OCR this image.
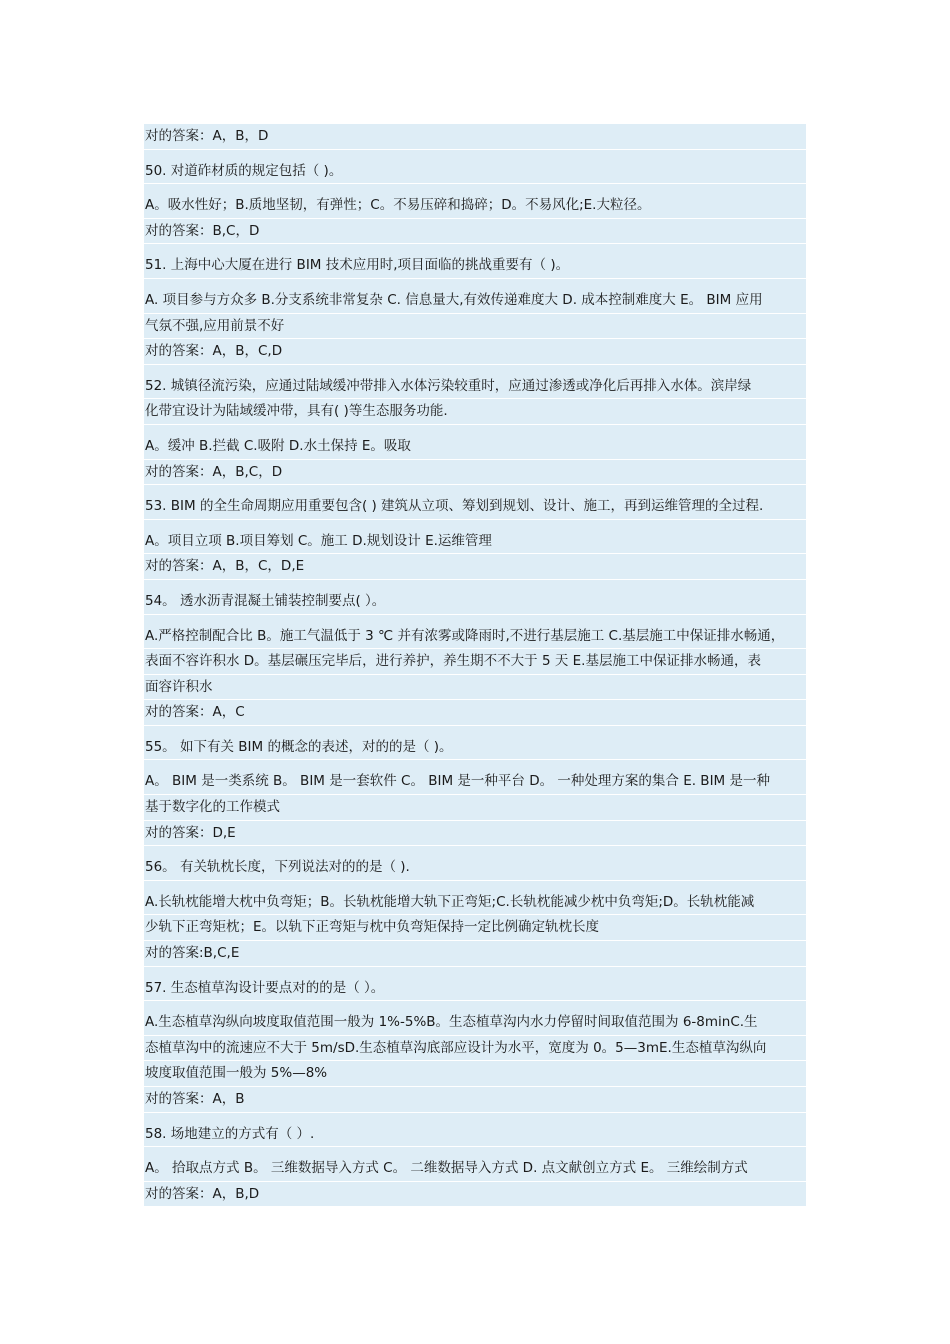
对的答案：A，B，D
50. 对道砟材质的规定包括（ )。
A。吸水性好；B.质地坚韧，有弹性；C。不易压碎和捣碎；D。不易风化;E.大粒径。
对的答案：B,C，D
51. 上海中心大厦在进行 BIM 技术应用时,项目面临的挑战重要有（ )。
A. 项目参与方众多 B.分支系统非常复杂 C. 信息量大,有效传递难度大 D. 成本控制难度大 E。 BIM 应用
气氛不强,应用前景不好
对的答案：A，B，C,D
52. 城镇径流污染，应通过陆域缓冲带排入水体污染较重时，应通过渗透或净化后再排入水体。滨岸绿
化带宜设计为陆域缓冲带，具有( )等生态服务功能.
A。缓冲 B.拦截 C.吸附 D.水土保持 E。吸取
对的答案：A，B,C，D
53. BIM 的全生命周期应用重要包含( ) 建筑从立项、筹划到规划、设计、施工，再到运维管理的全过程.
A。项目立项 B.项目筹划 C。施工 D.规划设计 E.运维管理
对的答案：A，B，C，D,E
54。 透水沥青混凝土铺装控制要点( ）。
A.严格控制配合比 B。施工气温低于 3 ℃ 并有浓雾或降雨时,不进行基层施工 C.基层施工中保证排水畅通，
表面不容许积水 D。基层碾压完毕后，进行养护，养生期不不大于 5 天 E.基层施工中保证排水畅通，表
面容许积水
对的答案：A，C
55。 如下有关 BIM 的概念的表述，对的的是（ )。
A。 BIM 是一类系统 B。 BIM 是一套软件 C。 BIM 是一种平台 D。 一种处理方案的集合 E. BIM 是一种
基于数字化的工作模式
对的答案：D,E
56。 有关轨枕长度，下列说法对的的是（ ).
A.长轨枕能增大枕中负弯矩；B。长轨枕能增大轨下正弯矩;C.长轨枕能减少枕中负弯矩;D。长轨枕能减
少轨下正弯矩枕；E。以轨下正弯矩与枕中负弯矩保持一定比例确定轨枕长度
对的答案:B,C,E
57. 生态植草沟设计要点对的的是（ ）。
A.生态植草沟纵向坡度取值范围一般为 1%-5%B。生态植草沟内水力停留时间取值范围为 6-8minC.生
态植草沟中的流速应不大于 5m/sD.生态植草沟底部应设计为水平，宽度为 0。5—3mE.生态植草沟纵向
坡度取值范围一般为 5%—8%
对的答案：A，B
58. 场地建立的方式有（ ）.
A。 拾取点方式 B。 三维数据导入方式 C。 二维数据导入方式 D. 点文献创立方式 E。 三维绘制方式
对的答案：A，B,D
